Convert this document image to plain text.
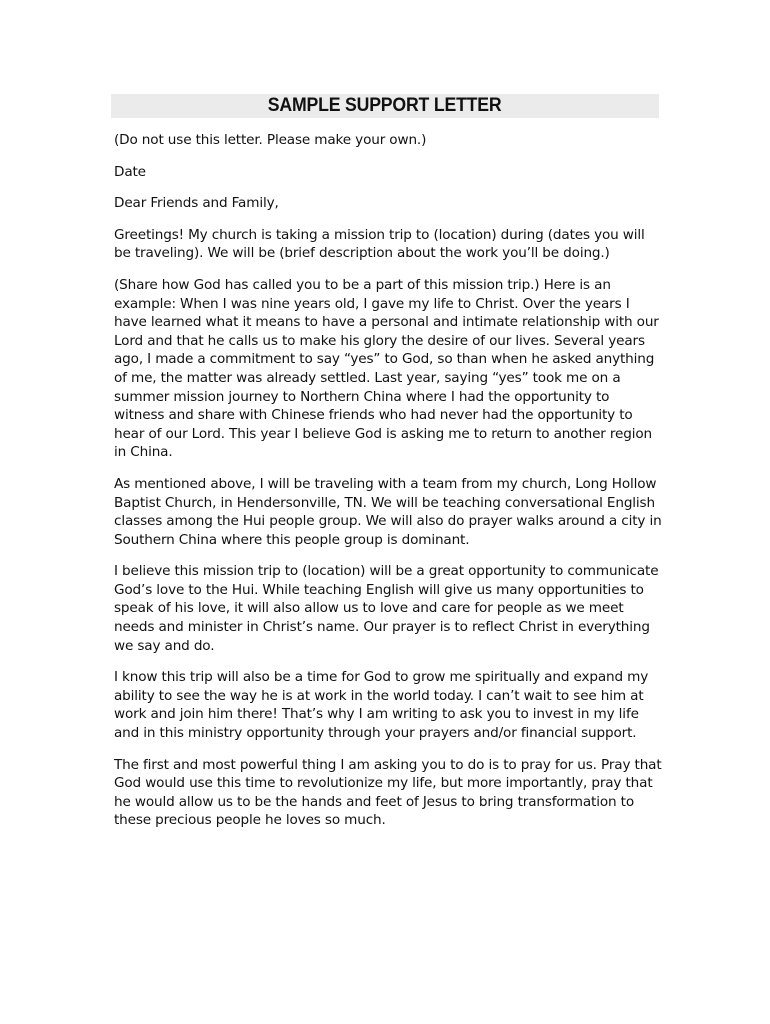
SAMPLE SUPPORT LETTER

(Do not use this letter. Please make your own.)

Date

Dear Friends and Family,

Greetings! My church is taking a mission trip to (location) during (dates you will be traveling). We will be (brief description about the work you’ll be doing.)

(Share how God has called you to be a part of this mission trip.) Here is an example: When I was nine years old, I gave my life to Christ. Over the years I have learned what it means to have a personal and intimate relationship with our Lord and that he calls us to make his glory the desire of our lives. Several years ago, I made a commitment to say “yes” to God, so than when he asked anything of me, the matter was already settled. Last year, saying “yes” took me on a summer mission journey to Northern China where I had the opportunity to witness and share with Chinese friends who had never had the opportunity to hear of our Lord. This year I believe God is asking me to return to another region in China.

As mentioned above, I will be traveling with a team from my church, Long Hollow Baptist Church, in Hendersonville, TN. We will be teaching conversational English classes among the Hui people group. We will also do prayer walks around a city in Southern China where this people group is dominant.

I believe this mission trip to (location) will be a great opportunity to communicate God’s love to the Hui. While teaching English will give us many opportunities to speak of his love, it will also allow us to love and care for people as we meet needs and minister in Christ’s name. Our prayer is to reflect Christ in everything we say and do.

I know this trip will also be a time for God to grow me spiritually and expand my ability to see the way he is at work in the world today. I can’t wait to see him at work and join him there! That’s why I am writing to ask you to invest in my life and in this ministry opportunity through your prayers and/or financial support.

The first and most powerful thing I am asking you to do is to pray for us. Pray that God would use this time to revolutionize my life, but more importantly, pray that he would allow us to be the hands and feet of Jesus to bring transformation to these precious people he loves so much.
